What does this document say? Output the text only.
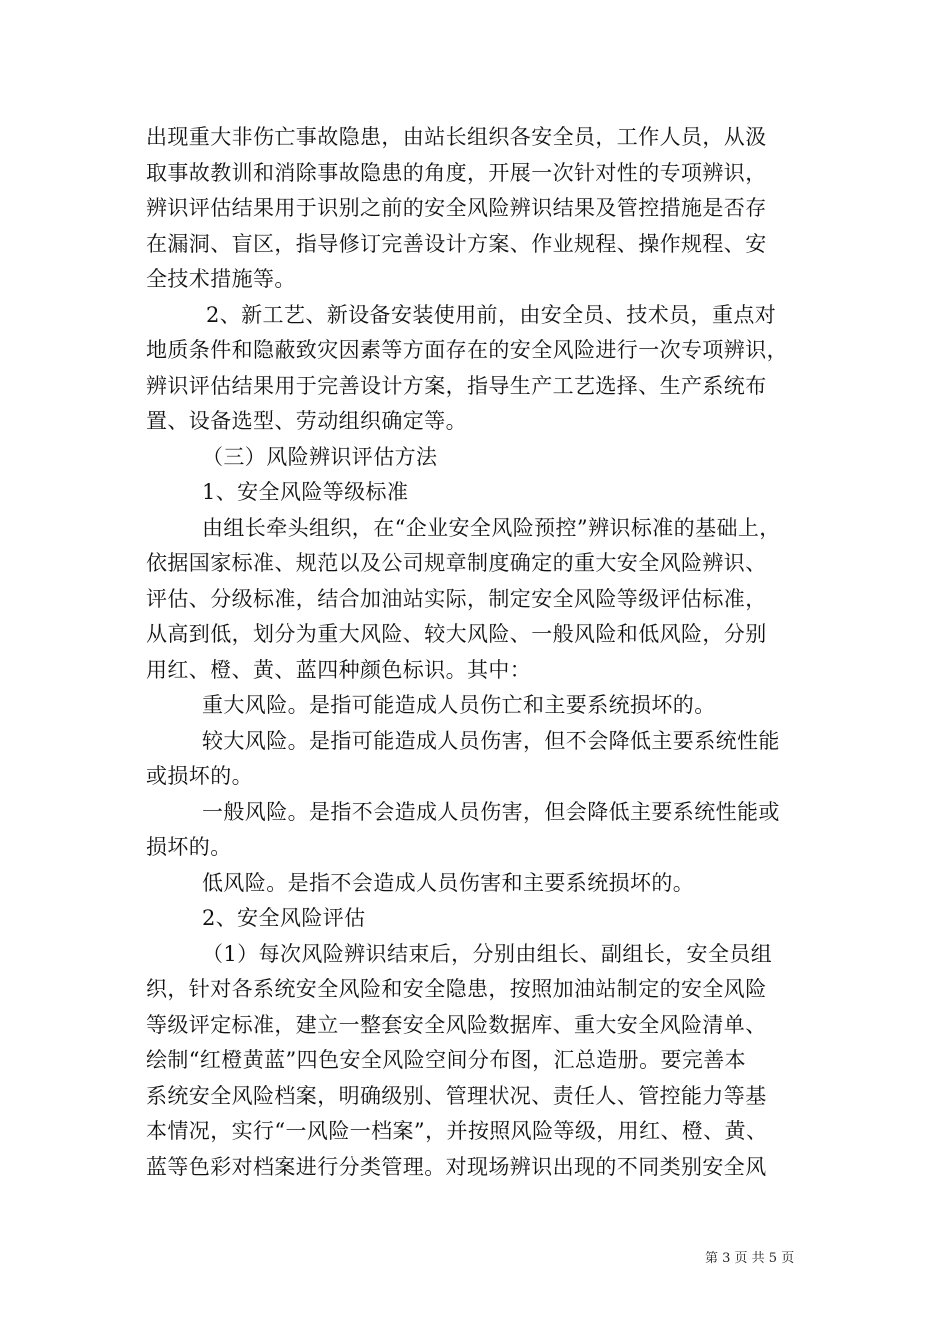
出现重大非伤亡事故隐患，由站长组织各安全员，工作人员，从汲
取事故教训和消除事故隐患的角度，开展一次针对性的专项辨识，
辨识评估结果用于识别之前的安全风险辨识结果及管控措施是否存
在漏洞、盲区，指导修订完善设计方案、作业规程、操作规程、安
全技术措施等。
2、新工艺、新设备安装使用前，由安全员、技术员，重点对
地质条件和隐蔽致灾因素等方面存在的安全风险进行一次专项辨识，
辨识评估结果用于完善设计方案，指导生产工艺选择、生产系统布
置、设备选型、劳动组织确定等。
（三）风险辨识评估方法
1、安全风险等级标准
由组长牵头组织，在“企业安全风险预控”辨识标准的基础上，
依据国家标准、规范以及公司规章制度确定的重大安全风险辨识、
评估、分级标准，结合加油站实际，制定安全风险等级评估标准，
从高到低，划分为重大风险、较大风险、一般风险和低风险，分别
用红、橙、黄、蓝四种颜色标识。其中：
重大风险。是指可能造成人员伤亡和主要系统损坏的。
较大风险。是指可能造成人员伤害，但不会降低主要系统性能
或损坏的。
一般风险。是指不会造成人员伤害，但会降低主要系统性能或
损坏的。
低风险。是指不会造成人员伤害和主要系统损坏的。
2、安全风险评估
（1）每次风险辨识结束后，分别由组长、副组长，安全员组
织，针对各系统安全风险和安全隐患，按照加油站制定的安全风险
等级评定标准，建立一整套安全风险数据库、重大安全风险清单、
绘制“红橙黄蓝”四色安全风险空间分布图，汇总造册。要完善本
系统安全风险档案，明确级别、管理状况、责任人、管控能力等基
本情况，实行“一风险一档案”，并按照风险等级，用红、橙、黄、
蓝等色彩对档案进行分类管理。对现场辨识出现的不同类别安全风
第 3 页 共 5 页
